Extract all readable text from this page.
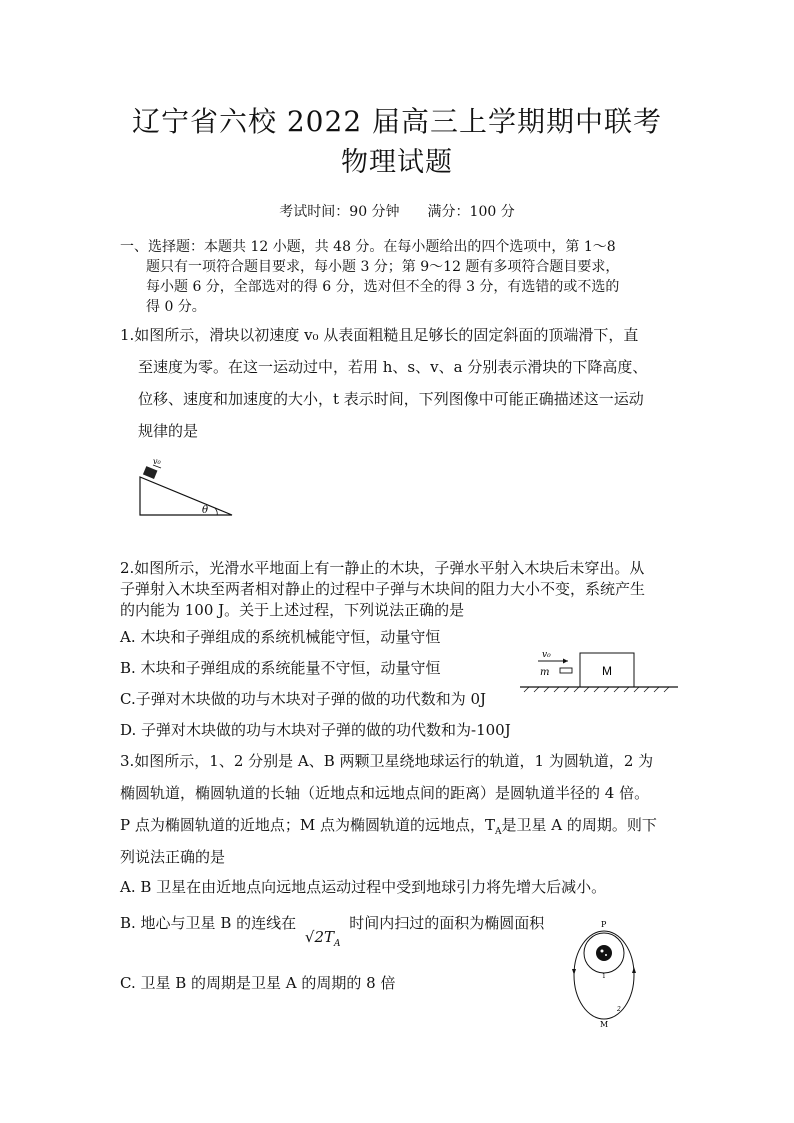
辽宁省六校 2022 届高三上学期期中联考
物理试题
考试时间：90 分钟 满分：100 分
一、选择题：本题共 12 小题，共 48 分。在每小题给出的四个选项中，第 1～8
题只有一项符合题目要求，每小题 3 分；第 9～12 题有多项符合题目要求，
每小题 6 分，全部选对的得 6 分，选对但不全的得 3 分，有选错的或不选的
得 0 分。
1.如图所示，滑块以初速度 v₀ 从表面粗糙且足够长的固定斜面的顶端滑下，直
至速度为零。在这一运动过中，若用 h、s、v、a 分别表示滑块的下降高度、
位移、速度和加速度的大小，t 表示时间，下列图像中可能正确描述这一运动
规律的是
v₀
θ
2.如图所示，光滑水平地面上有一静止的木块，子弹水平射入木块后未穿出。从
子弹射入木块至两者相对静止的过程中子弹与木块间的阻力大小不变，系统产生
的内能为 100 J。关于上述过程，下列说法正确的是
A. 木块和子弹组成的系统机械能守恒，动量守恒
B. 木块和子弹组成的系统能量不守恒，动量守恒
C.子弹对木块做的功与木块对子弹的做的功代数和为 0J
D. 子弹对木块做的功与木块对子弹的做的功代数和为-100J
v₀
m	M
3.如图所示，1、2 分别是 A、B 两颗卫星绕地球运行的轨道，1 为圆轨道，2 为
椭圆轨道，椭圆轨道的长轴（近地点和远地点间的距离）是圆轨道半径的 4 倍。
P 点为椭圆轨道的近地点；M 点为椭圆轨道的远地点，$T_A$是卫星 A 的周期。则下
列说法正确的是
A. B 卫星在由近地点向远地点运动过程中受到地球引力将先增大后减小。
B. 地心与卫星 B 的连线在 $√2T_A$ 时间内扫过的面积为椭圆面积
C. 卫星 B 的周期是卫星 A 的周期的 8 倍
P
1
2
M
